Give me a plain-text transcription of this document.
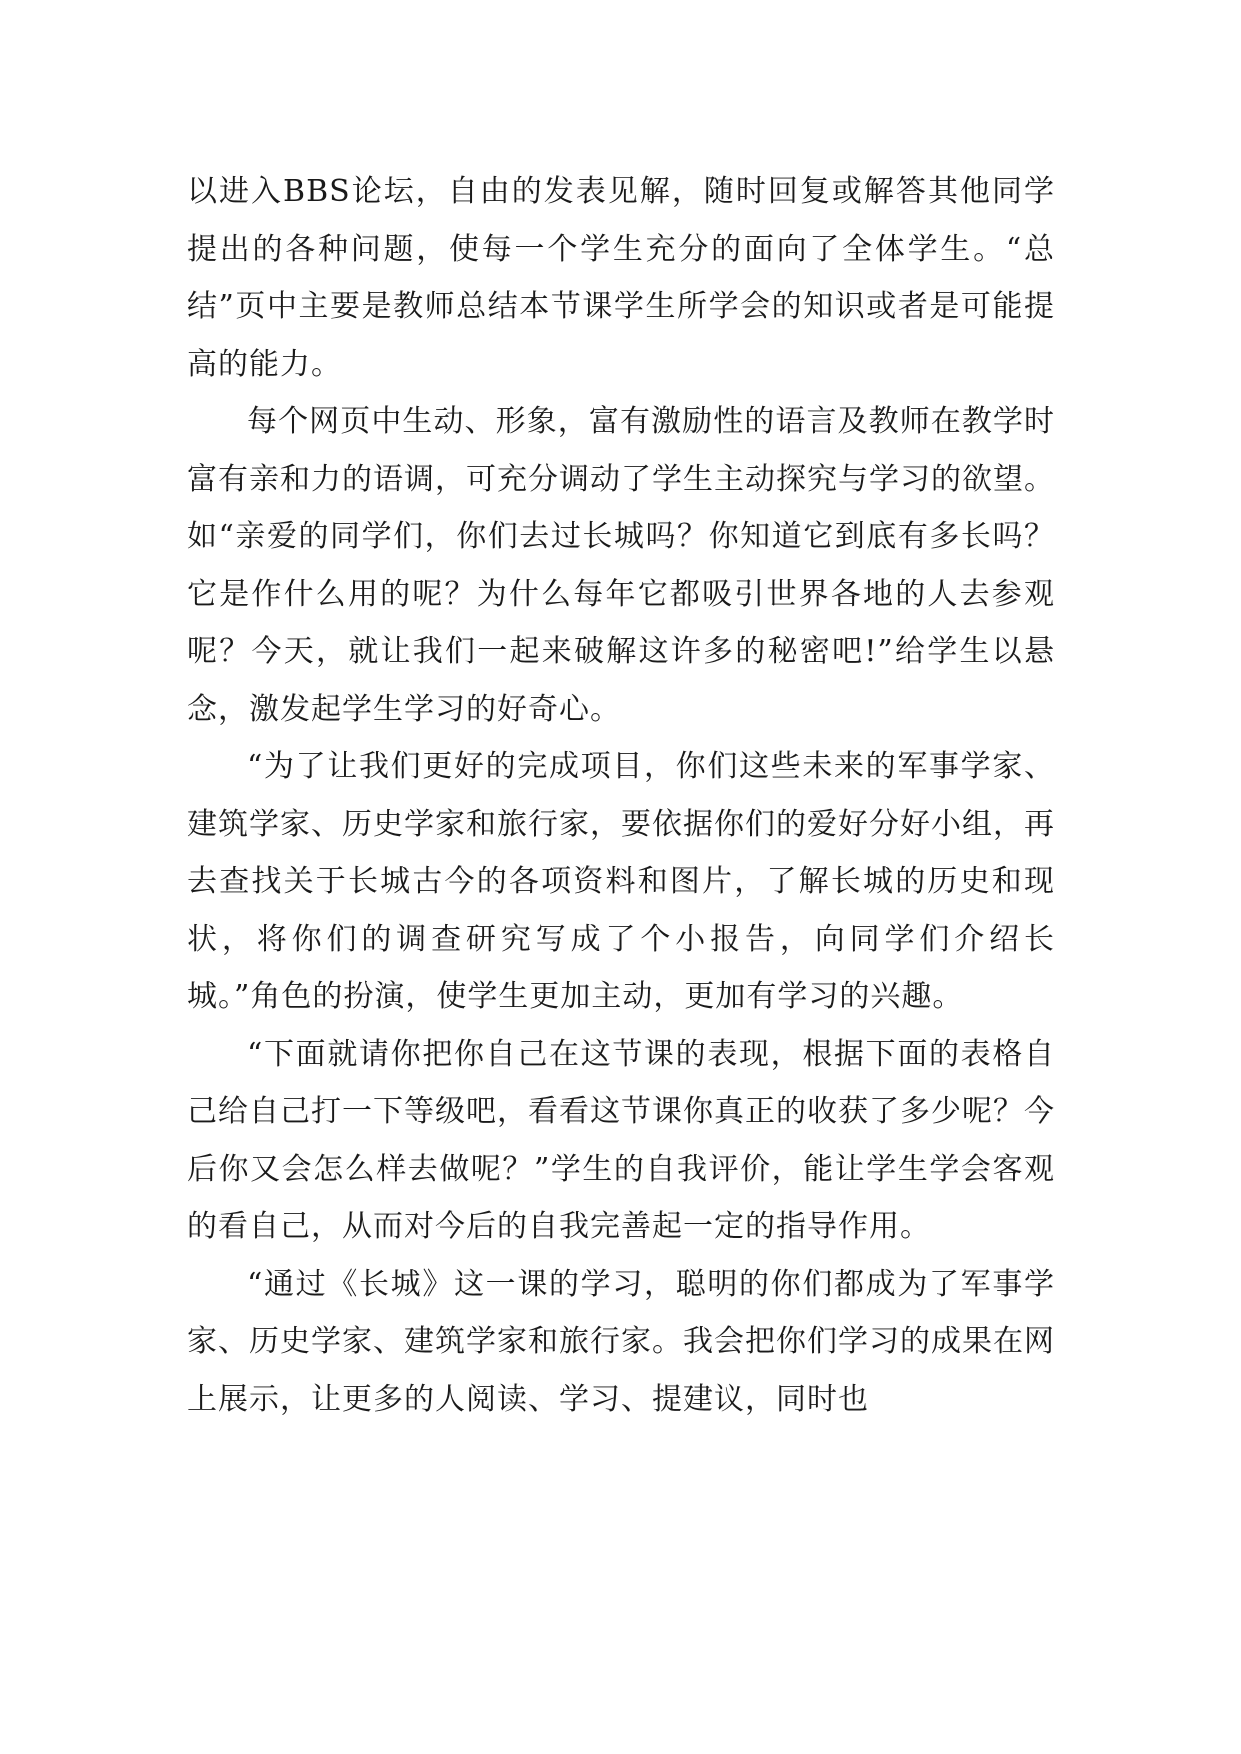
以进入BBS论坛，自由的发表见解，随时回复或解答其他同学提出的各种问题，使每一个学生充分的面向了全体学生。“总结”页中主要是教师总结本节课学生所学会的知识或者是可能提高的能力。

每个网页中生动、形象，富有激励性的语言及教师在教学时富有亲和力的语调，可充分调动了学生主动探究与学习的欲望。如“亲爱的同学们，你们去过长城吗？你知道它到底有多长吗？它是作什么用的呢？为什么每年它都吸引世界各地的人去参观呢？今天，就让我们一起来破解这许多的秘密吧!”给学生以悬念，激发起学生学习的好奇心。

“为了让我们更好的完成项目，你们这些未来的军事学家、建筑学家、历史学家和旅行家，要依据你们的爱好分好小组，再去查找关于长城古今的各项资料和图片，了解长城的历史和现状，将你们的调查研究写成了个小报告，向同学们介绍长城。”角色的扮演，使学生更加主动，更加有学习的兴趣。

“下面就请你把你自己在这节课的表现，根据下面的表格自己给自己打一下等级吧，看看这节课你真正的收获了多少呢？今后你又会怎么样去做呢？”学生的自我评价，能让学生学会客观的看自己，从而对今后的自我完善起一定的指导作用。

“通过《长城》这一课的学习，聪明的你们都成为了军事学家、历史学家、建筑学家和旅行家。我会把你们学习的成果在网上展示，让更多的人阅读、学习、提建议，同时也
